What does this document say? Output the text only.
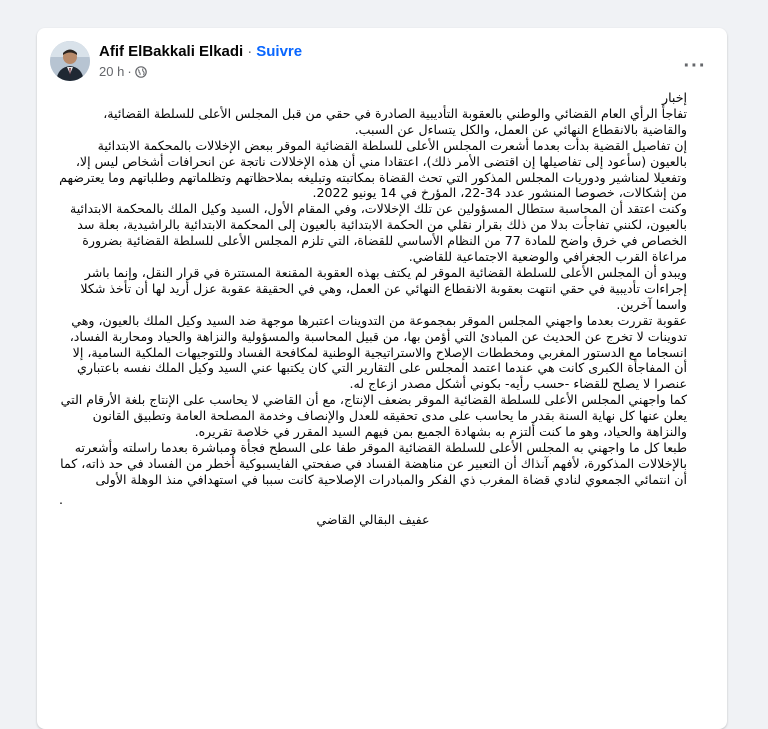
Afif ElBakkali Elkadi · Suivre
20 h ·	···

إخبار

تفاجأ الرأي العام القضائي والوطني بالعقوبة التأديبية الصادرة في حقي من قبل المجلس الأعلى للسلطة القضائية، والقاضية بالانقطاع النهائي عن العمل، والكل يتساءل عن السبب.

إن تفاصيل القضية بدأت بعدما أشعرت المجلس الأعلى للسلطة القضائية الموقر ببعض الإخلالات بالمحكمة الابتدائية بالعيون (سأعود إلى تفاصيلها إن اقتضى الأمر ذلك)، اعتقادا مني أن هذه الإخلالات ناتجة عن انحرافات أشخاص ليس إلا، وتفعيلا لمناشير ودوريات المجلس المذكور التي تحث القضاة بمكاتبته وتبليغه بملاحظاتهم وتظلماتهم وطلباتهم وما يعترضهم من إشكالات، خصوصا المنشور عدد 34-22، المؤرخ في 14 يونيو 2022.

وكنت اعتقد أن المحاسبة ستطال المسؤولين عن تلك الإخلالات، وفي المقام الأول، السيد وكيل الملك بالمحكمة الابتدائية بالعيون، لكنني تفاجأت بدلا من ذلك بقرار نقلي من الحكمة الابتدائية بالعيون إلى المحكمة الابتدائية بالراشيدية، بعلة سد الخصاص في خرق واضح للمادة 77 من النظام الأساسي للقضاة، التي تلزم المجلس الأعلى للسلطة القضائية بضرورة مراعاة القرب الجغرافي والوضعية الاجتماعية للقاضي.

ويبدو أن المجلس الأعلى للسلطة القضائية الموقر لم يكتف بهذه العقوبة المقنعة المستترة في قرار النقل، وإنما باشر إجراءات تأديبية في حقي انتهت بعقوبة الانقطاع النهائي عن العمل، وهي في الحقيقة عقوبة عزل أريد لها أن تأخذ شكلا واسما آخرين.

عقوبة تقررت بعدما واجهني المجلس الموقر بمجموعة من التدوينات اعتبرها موجهة ضد السيد وكيل الملك بالعيون، وهي تدوينات لا تخرج عن الحديث عن المبادئ التي أؤمن بها، من قبيل المحاسبة والمسؤولية والنزاهة والحياد ومحاربة الفساد، انسجاما مع الدستور المغربي ومخططات الإصلاح والاستراتيجية الوطنية لمكافحة الفساد وللتوجيهات الملكية السامية، إلا أن المفاجأة الكبرى كانت هي عندما اعتمد المجلس على التقارير التي كان يكتبها عني السيد وكيل الملك نفسه باعتباري عنصرا لا يصلح للقضاء -حسب رأيه- بكوني أشكل مصدر ازعاج له.

كما واجهني المجلس الأعلى للسلطة القضائية الموقر بضعف الإنتاج، مع أن القاضي لا يحاسب على الإنتاج بلغة الأرقام التي يعلن عنها كل نهاية السنة بقدر ما يحاسب على مدى تحقيقه للعدل والإنصاف وخدمة المصلحة العامة وتطبيق القانون والنزاهة والحياد، وهو ما كنت ألتزم به بشهادة الجميع بمن فيهم السيد المقرر في خلاصة تقريره.

طبعا كل ما واجهني به المجلس الأعلى للسلطة القضائية الموقر طفا على السطح فجأة ومباشرة بعدما راسلته وأشعرته بالإخلالات المذكورة، لأفهم آنذاك أن التعبير عن مناهضة الفساد في صفحتي الفايسبوكية أخطر من الفساد في حد ذاته، كما أن انتمائي الجمعوي لنادي قضاة المغرب ذي الفكر والمبادرات الإصلاحية كانت سببا في استهدافي منذ الوهلة الأولى

.

عفيف البقالي القاضي
